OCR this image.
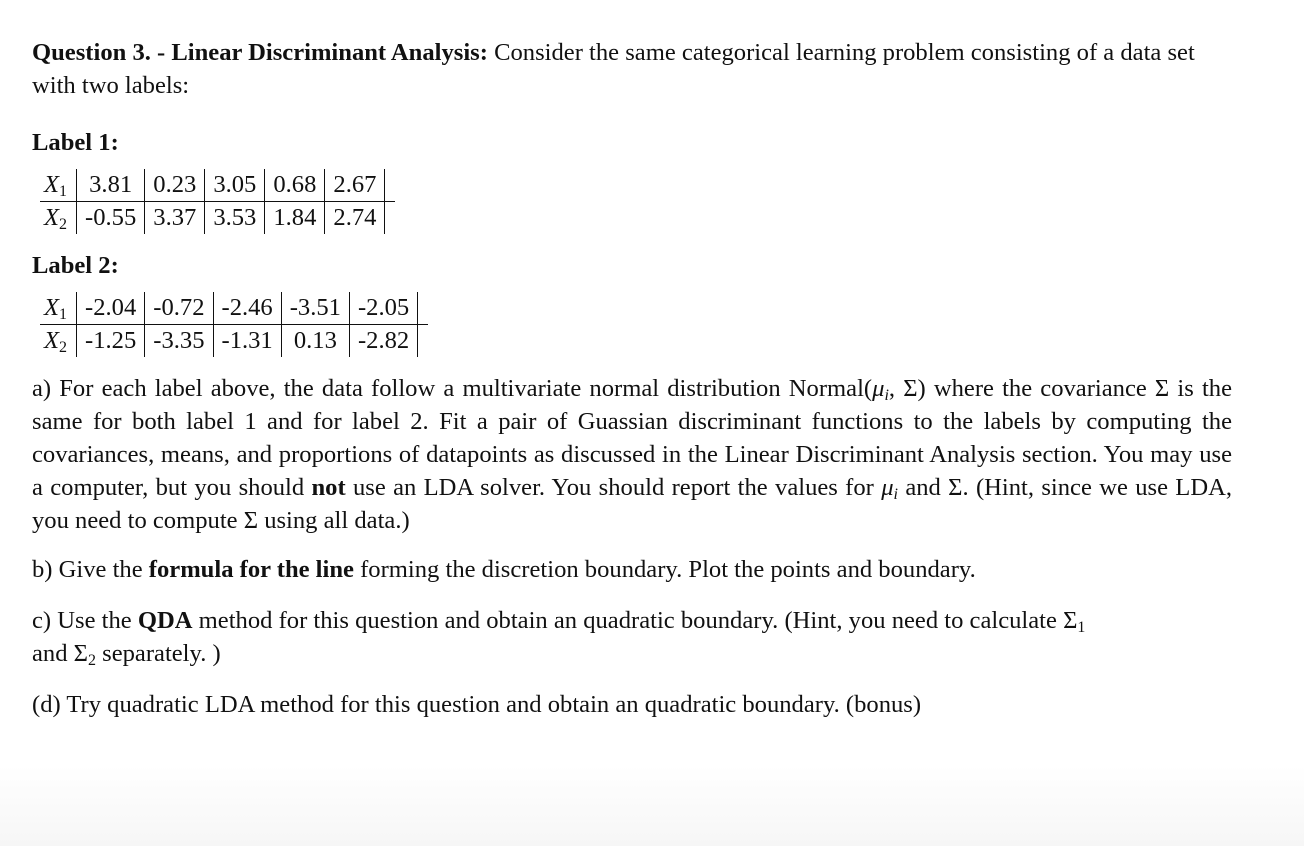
Question 3. - Linear Discriminant Analysis: Consider the same categorical learning problem consisting of a data set with two labels:

Label 1:

$X_1$	3.81	0.23	3.05	0.68	2.67	
$X_2$	-0.55	3.37	3.53	1.84	2.74	

Label 2:

$X_1$	-2.04	-0.72	-2.46	-3.51	-2.05	
$X_2$	-1.25	-3.35	-1.31	0.13	-2.82	

a) For each label above, the data follow a multivariate normal distribution $Normal(\mu_i$, Σ) where the covariance Σ is the same for both label 1 and for label 2. Fit a pair of Guassian discriminant functions to the labels by computing the covariances, means, and proportions of datapoints as discussed in the Linear Discriminant Analysis section. You may use a computer, but you should not use an LDA solver. You should report the values for $\mu_i$ and Σ. (Hint, since we use LDA, you need to compute Σ using all data.)

b) Give the formula for the line forming the discretion boundary. Plot the points and boundary.

c) Use the QDA method for this question and obtain an quadratic boundary. (Hint, you need to calculate $\Sigma_1$
and $\Sigma_2$ separately. )

(d) Try quadratic LDA method for this question and obtain an quadratic boundary. (bonus)
